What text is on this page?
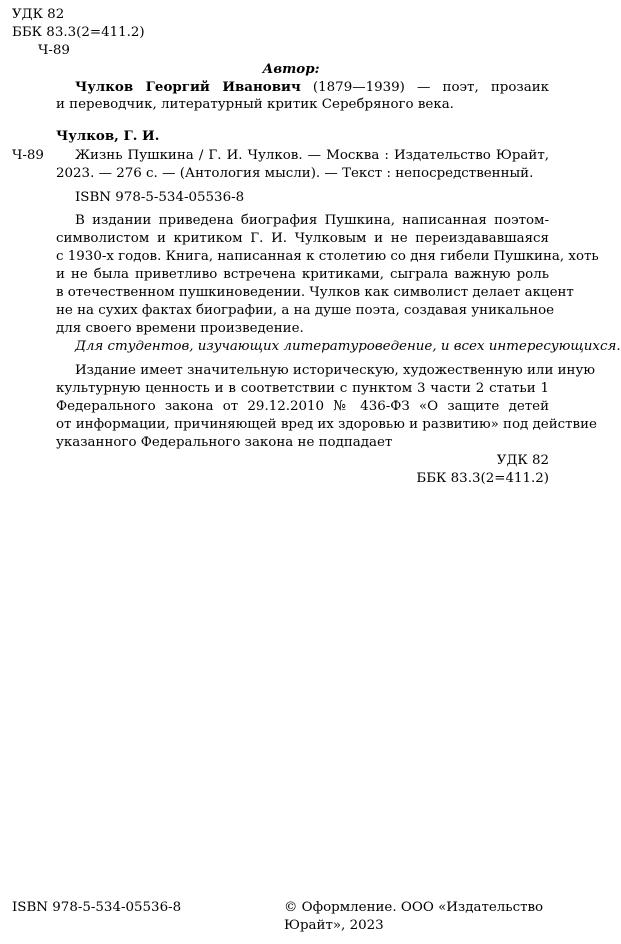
УДК 82
ББК 83.3(2=411.2)
Ч-89
Автор:
Чулков Георгий Иванович (1879—1939) — поэт, прозаик
и переводчик, литературный критик Серебряного века.
Чулков, Г. И.
Ч-89 Жизнь Пушкина / Г. И. Чулков. — Москва : Издательство Юрайт,
2023. — 276 с. — (Антология мысли). — Текст : непосредственный.
ISBN 978-5-534-05536-8
В издании приведена биография Пушкина, написанная поэтом-
символистом и критиком Г. И. Чулковым и не переиздававшаяся
с 1930-х годов. Книга, написанная к столетию со дня гибели Пушкина, хоть
и не была приветливо встречена критиками, сыграла важную роль
в отечественном пушкиноведении. Чулков как символист делает акцент
не на сухих фактах биографии, а на душе поэта, создавая уникальное
для своего времени произведение.
Для студентов, изучающих литературоведение, и всех интересующихся.
Издание имеет значительную историческую, художественную или иную
культурную ценность и в соответствии с пунктом 3 части 2 статьи 1
Федерального закона от 29.12.2010 № 436-ФЗ «О защите детей
от информации, причиняющей вред их здоровью и развитию» под действие
указанного Федерального закона не подпадает
УДК 82
ББК 83.3(2=411.2)
ISBN 978-5-534-05536-8	© Оформление. ООО «Издательство
Юрайт», 2023
